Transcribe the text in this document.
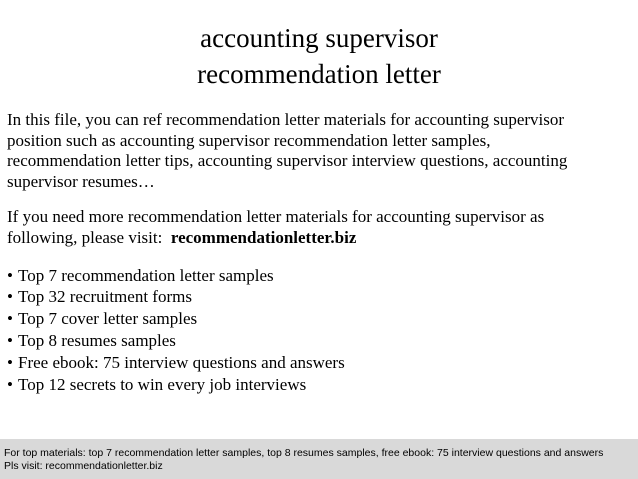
accounting supervisor
recommendation letter
In this file, you can ref recommendation letter materials for accounting supervisor
position such as accounting supervisor recommendation letter samples,
recommendation letter tips, accounting supervisor interview questions, accounting
supervisor resumes…
If you need more recommendation letter materials for accounting supervisor as
following, please visit:  recommendationletter.biz
• Top 7 recommendation letter samples
• Top 32 recruitment forms
• Top 7 cover letter samples
• Top 8 resumes samples
• Free ebook: 75 interview questions and answers
• Top 12 secrets to win every job interviews
For top materials: top 7 recommendation letter samples, top 8 resumes samples, free ebook: 75 interview questions and answers
Pls visit: recommendationletter.biz
